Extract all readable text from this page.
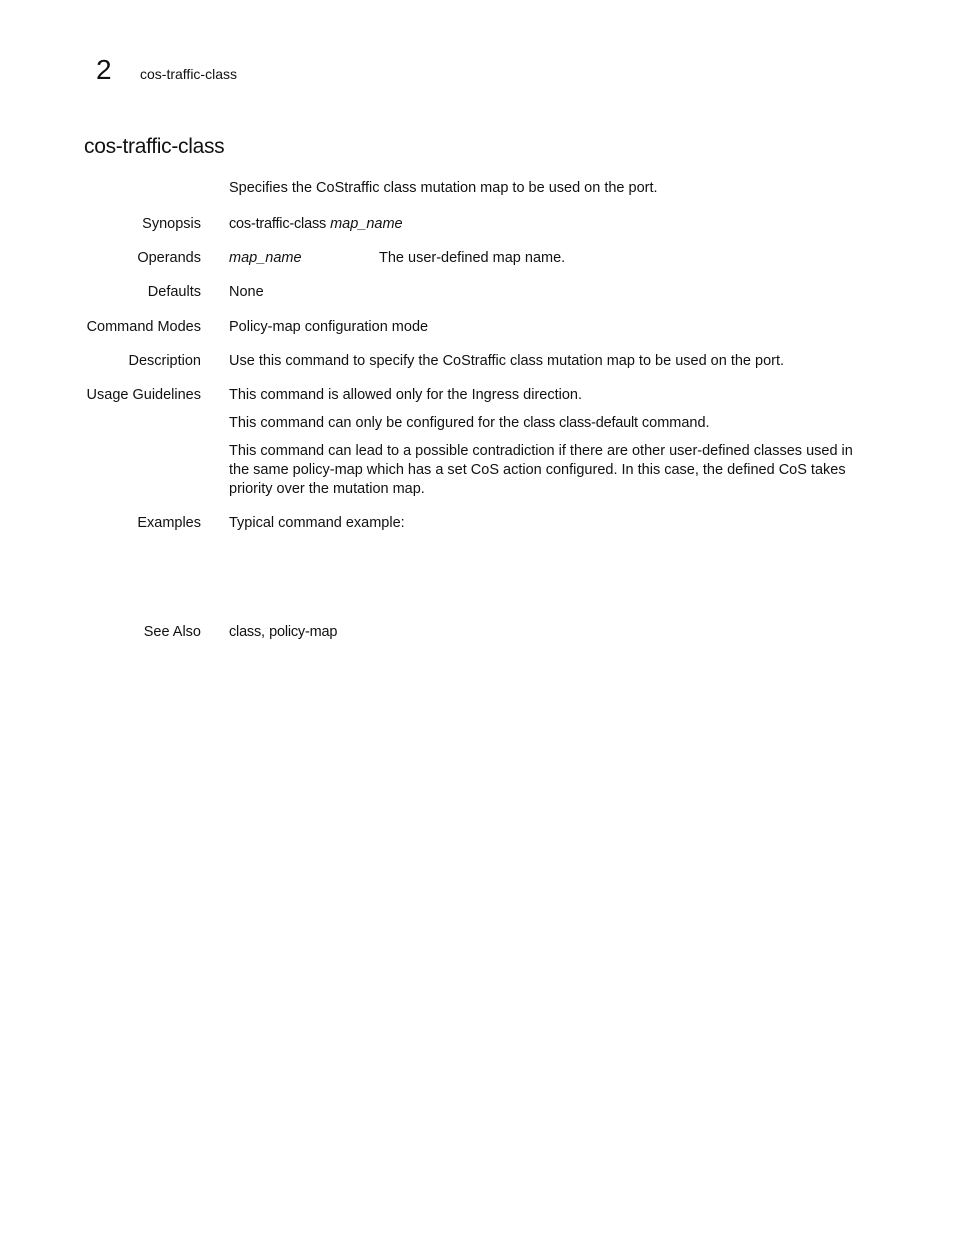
2 cos-traffic-class
cos-traffic-class
Specifies the CoStraffic class mutation map to be used on the port.
Synopsis cos-traffic-class map_name
Operands map_name	The user-defined map name.
Defaults None
Command Modes Policy-map configuration mode
Description Use this command to specify the CoStraffic class mutation map to be used on the port.
Usage Guidelines This command is allowed only for the Ingress direction.
This command can only be configured for the class class-default command.
This command can lead to a possible contradiction if there are other user-defined classes used in the same policy-map which has a set CoS action configured. In this case, the defined CoS takes priority over the mutation map.
Examples Typical command example:
See Also class, policy-map
